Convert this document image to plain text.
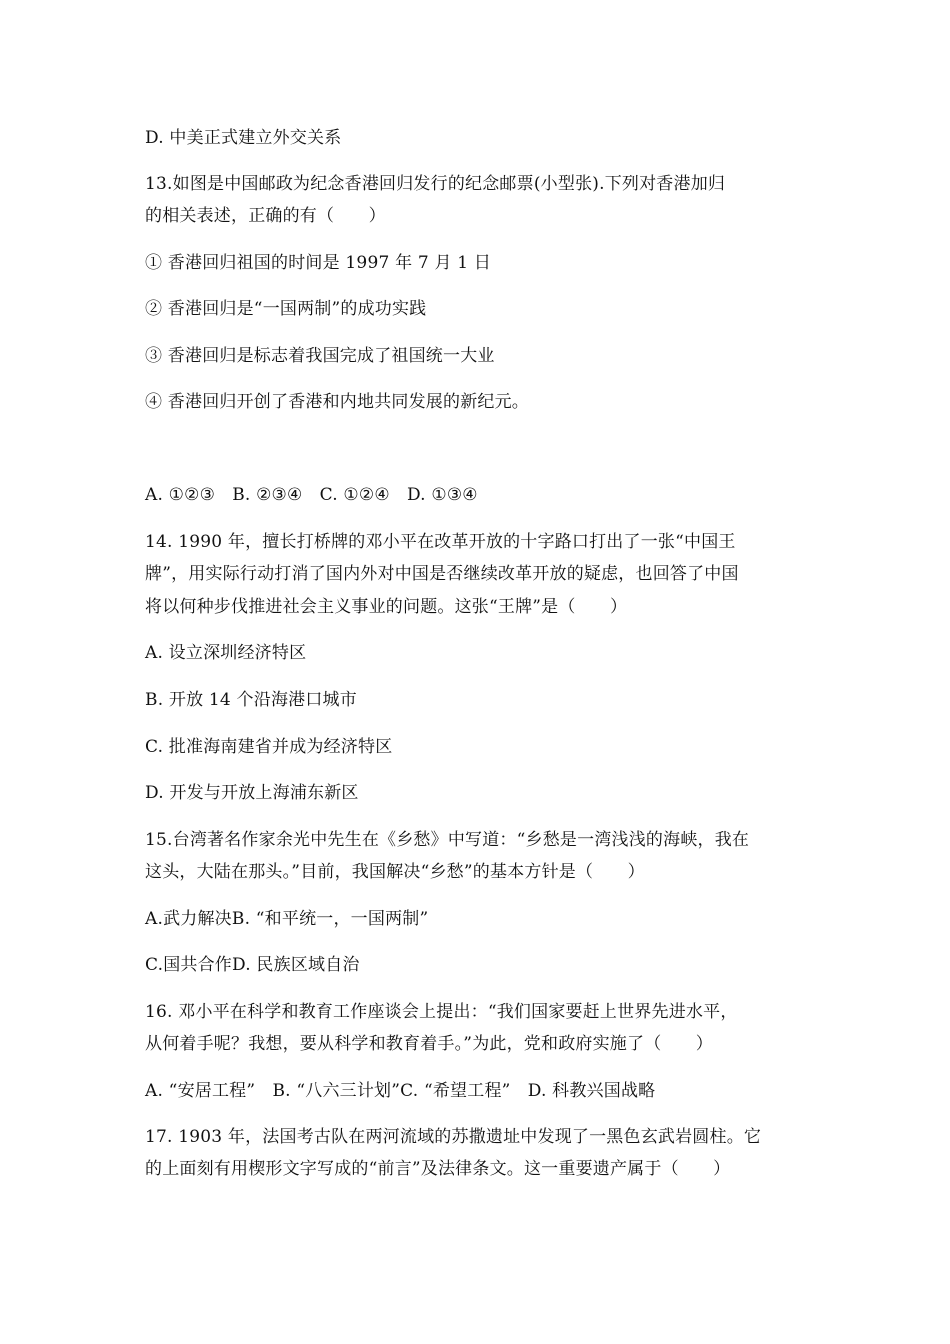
D. 中美正式建立外交关系
13.如图是中国邮政为纪念香港回归发行的纪念邮票(小型张).下列对香港加归
的相关表述，正确的有（　　）
① 香港回归祖国的时间是 1997 年 7 月 1 日
② 香港回归是“一国两制”的成功实践
③ 香港回归是标志着我国完成了祖国统一大业
④ 香港回归开创了香港和内地共同发展的新纪元。
A. ①②③　B. ②③④　C. ①②④　D. ①③④
14. 1990 年，擅长打桥牌的邓小平在改革开放的十字路口打出了一张“中国王
牌”，用实际行动打消了国内外对中国是否继续改革开放的疑虑，也回答了中国
将以何种步伐推进社会主义事业的问题。这张“王牌”是（　　）
A. 设立深圳经济特区
B. 开放 14 个沿海港口城市
C. 批准海南建省并成为经济特区
D. 开发与开放上海浦东新区
15.台湾著名作家余光中先生在《乡愁》中写道：“乡愁是一湾浅浅的海峡，我在
这头，大陆在那头。”目前，我国解决“乡愁”的基本方针是（　　）
A.武力解决B. “和平统一，一国两制”
C.国共合作D. 民族区域自治
16. 邓小平在科学和教育工作座谈会上提出：“我们国家要赶上世界先进水平，
从何着手呢？我想，要从科学和教育着手。”为此，党和政府实施了（　　）
A. “安居工程”　B. “八六三计划”C. “希望工程”　D. 科教兴国战略
17. 1903 年，法国考古队在两河流域的苏撒遗址中发现了一黑色玄武岩圆柱。它
的上面刻有用楔形文字写成的“前言”及法律条文。这一重要遗产属于（　　）
